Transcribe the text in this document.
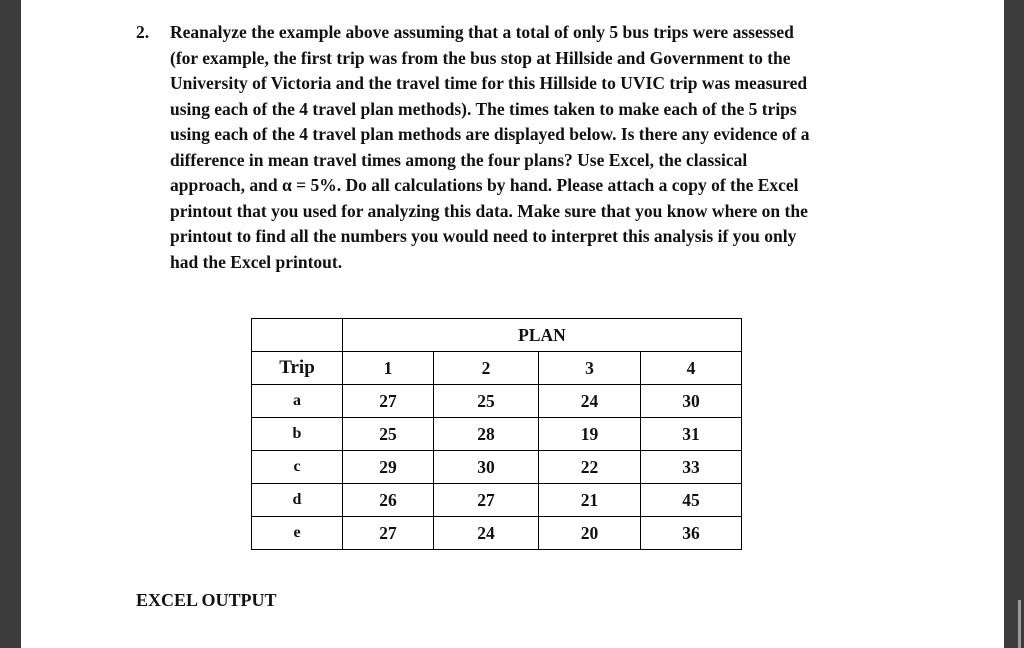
2. Reanalyze the example above assuming that a total of only 5 bus trips were assessed
(for example, the first trip was from the bus stop at Hillside and Government to the
University of Victoria and the travel time for this Hillside to UVIC trip was measured
using each of the 4 travel plan methods). The times taken to make each of the 5 trips
using each of the 4 travel plan methods are displayed below. Is there any evidence of a
difference in mean travel times among the four plans? Use Excel, the classical
approach, and α = 5%. Do all calculations by hand. Please attach a copy of the Excel
printout that you used for analyzing this data. Make sure that you know where on the
printout to find all the numbers you would need to interpret this analysis if you only
had the Excel printout.
	PLAN			
Trip	1	2	3	4
a	27	25	24	30
b	25	28	19	31
c	29	30	22	33
d	26	27	21	45
e	27	24	20	36
EXCEL OUTPUT
